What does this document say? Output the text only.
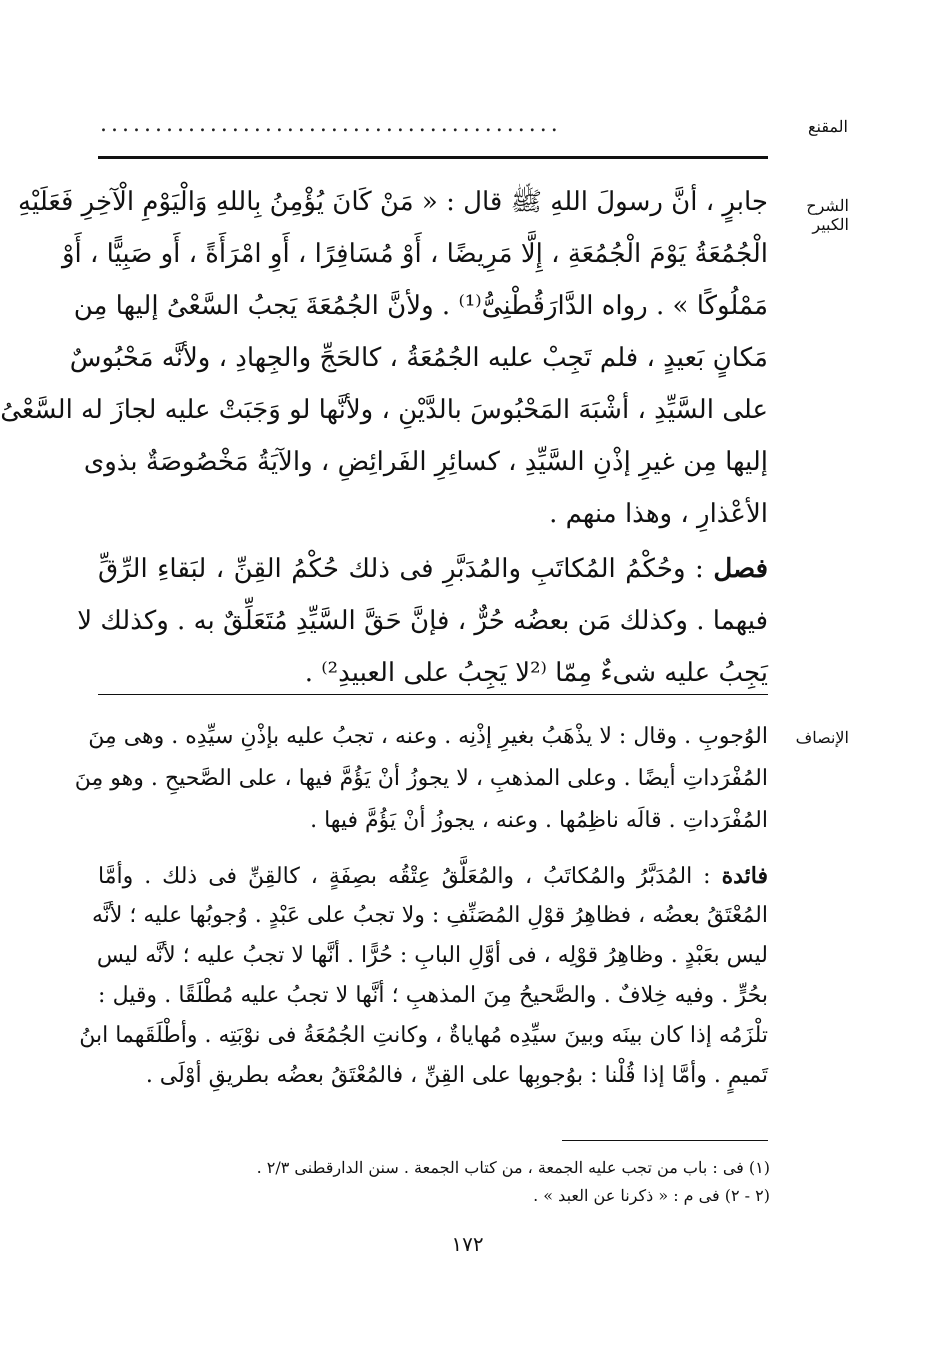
..........................................	المقنع
الشرح الكبير
جابرٍ ، أنَّ رسولَ اللهِ ﷺ قال : « مَنْ كَانَ يُؤْمِنُ بِاللهِ وَالْيَوْمِ الْآخِرِ فَعَلَيْهِ
الْجُمُعَةُ يَوْمَ الْجُمُعَةِ ، إِلَّا مَرِيضًا ، أَوْ مُسَافِرًا ، أَوِ امْرَأَةً ، أَو صَبِيًّا ، أَوْ
مَمْلُوكًا » . رواه الدَّارَقُطْنِىُّ⁽¹⁾ . ولأنَّ الجُمُعَةَ يَجبُ السَّعْىُ إليها مِن
مَكانٍ بَعيدٍ ، فلم تَجِبْ عليه الجُمُعَةُ ، كالحَجِّ والجِهادِ ، ولأنَّه مَحْبُوسٌ
على السَّيِّدِ ، أشْبَهَ المَحْبُوسَ بالدَّيْنِ ، ولأنَّها لو وَجَبَتْ عليه لجازَ له السَّعْىُ
إليها مِن غيرِ إذْنِ السَّيِّدِ ، كسائِرِ الفَرائِضِ ، والآيَةُ مَخْصُوصَةٌ بذوى
الأعْذارِ ، وهذا منهم .
فصل : وحُكْمُ المُكاتَبِ والمُدَبَّرِ فى ذلك حُكْمُ القِنِّ ، لبَقاءِ الرِّقِّ
فيهما . وكذلك مَن بعضُه حُرٌّ ، فإنَّ حَقَّ السَّيِّدِ مُتَعَلِّقٌ به . وكذلك لا
يَجِبُ عليه شىءٌ مِمّا ⁽²لا يَجِبُ على العبيدِ²⁾ .
الإنصاف
الوُجوبِ . وقال : لا يذْهَبُ بغيرِ إذْنِه . وعنه ، تجبُ عليه بإذْنِ سيِّدِه . وهى مِنَ
المُفْرَداتِ أيضًا . وعلى المذهبِ ، لا يجوزُ أنْ يَؤُمَّ فيها ، على الصَّحيحِ . وهو مِنَ
المُفْرَداتِ . قالَه ناظِمُها . وعنه ، يجوزُ أنْ يَؤُمَّ فيها .
فائدة : المُدَبَّرُ والمُكاتَبُ ، والمُعَلَّقُ عِتْقُه بصِفَةٍ ، كالقِنِّ فى ذلك . وأمَّا
المُعْتَقُ بعضُه ، فظاهِرُ قوْلِ المُصَنِّفِ : ولا تجبُ على عَبْدٍ . وُجوبُها عليه ؛ لأنَّه
ليس بعَبْدٍ . وظاهِرُ قوْلِه ، فى أوَّلِ البابِ : حُرًّا . أنَّها لا تجبُ عليه ؛ لأنَّه ليس
بحُرٍّ . وفيه خِلافٌ . والصَّحيحُ مِنَ المذهبِ ؛ أنَّها لا تجبُ عليه مُطْلَقًا . وقيل :
تلْزَمُه إذا كان بينَه وبينَ سيِّدِه مُهاياةٌ ، وكانتِ الجُمُعَةُ فى نوْبَتِه . وأطْلَقَهما ابنُ
تَميمٍ . وأمَّا إذا قُلْنا : بوُجوبِها على القِنِّ ، فالمُعْتَقُ بعضُه بطريقِ أوْلَى .
(١) فى : باب من تجب عليه الجمعة ، من كتاب الجمعة . سنن الدارقطنى ٢/٣ .
(٢ - ٢) فى م : « ذكرنا عن العبد » .
١٧٢
